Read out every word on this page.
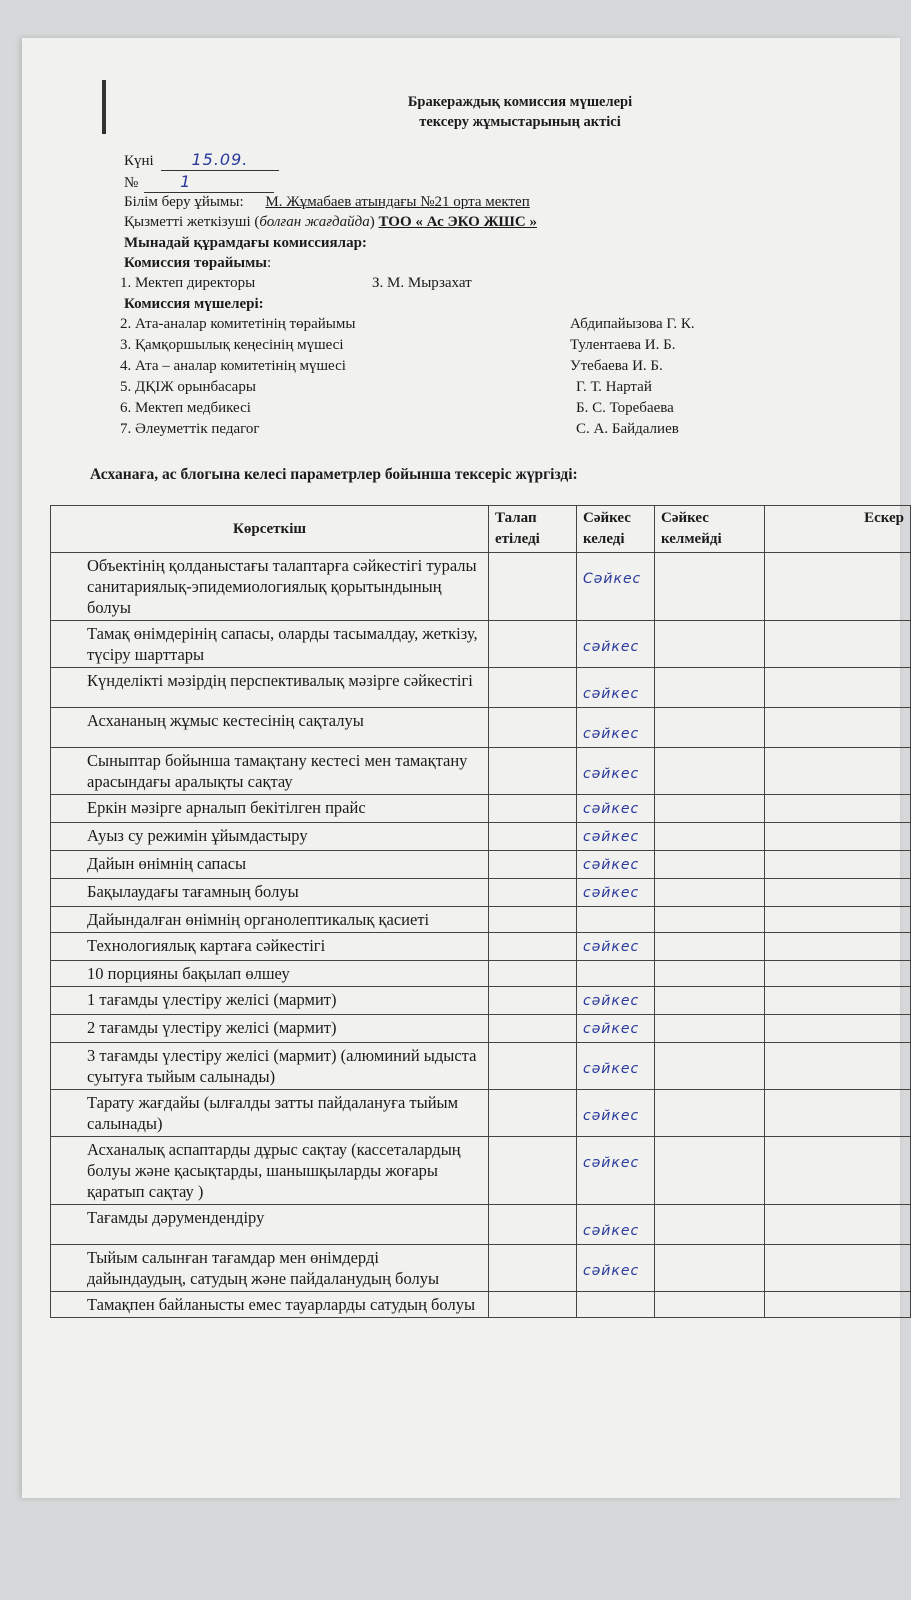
Бракераждық комиссия мүшелері
тексеру жұмыстарының актісі
Күні 15.09.
№	1
Білім беру ұйымы: М. Жұмабаев атындағы №21 орта мектеп
Қызметті жеткізуші (болған жағдайда) ТОО « Ас ЭКО ЖШС »
Мынадай құрамдағы комиссиялар:
Комиссия төрайымы:
1. Мектеп директоры	З. М. Мырзахат
Комиссия мүшелері:
2. Ата-аналар комитетінің төрайымы	Абдипайызова Г. К.
3. Қамқоршылық кеңесінің мүшесі	Тулентаева И. Б.
4. Ата – аналар комитетінің мүшесі	Утебаева И. Б.
5. ДҚІЖ орынбасары	Г. Т. Нартай
6. Мектеп медбикесі	Б. С. Торебаева
7. Әлеуметтік педагог	С. А. Байдалиев
Асханаға, ас блогына келесі параметрлер бойынша тексеріс жүргізді:
Көрсеткіш	Талап етіледі	Сәйкес келеді	Сәйкес келмейді	Ескер
Объектінің қолданыстағы талаптарға сәйкестігі туралы санитариялық-эпидемиологиялық қорытындының болуы		Сәйкес		

Тамақ өнімдерінің сапасы, оларды тасымалдау, жеткізу, түсіру шарттары		сәйкес		

Күнделікті мәзірдің перспективалық мәзірге сәйкестігі		сәйкес		

Асхананың жұмыс кестесінің сақталуы		сәйкес		

Сыныптар бойынша тамақтану кестесі мен тамақтану арасындағы аралықты сақтау		сәйкес		

Еркін мәзірге арналып бекітілген прайс		сәйкес		

Ауыз су режимін ұйымдастыру		сәйкес		

Дайын өнімнің сапасы		сәйкес		

Бақылаудағы тағамның болуы		сәйкес		

Дайындалған өнімнің органолептикалық қасиеті		

Технологиялық картаға сәйкестігі		сәйкес		

10 порцияны бақылап өлшеу		

1 тағамды үлестіру желісі (мармит)		сәйкес		

2 тағамды үлестіру желісі (мармит)		сәйкес		

3 тағамды үлестіру желісі (мармит) (алюминий ыдыста суытуға тыйым салынады)		сәйкес		

Тарату жағдайы (ылғалды затты пайдалануға тыйым салынады)		сәйкес		

Асханалық аспаптарды дұрыс сақтау (кассеталардың болуы және қасықтарды, шанышқыларды жоғары қаратып сақтау )		сәйкес		

Тағамды дәрумендендіру		сәйкес		

Тыйым салынған тағамдар мен өнімдерді дайындаудың, сатудың және пайдаланудың болуы		сәйкес		

Тамақпен байланысты емес тауарларды сатудың болуы		
